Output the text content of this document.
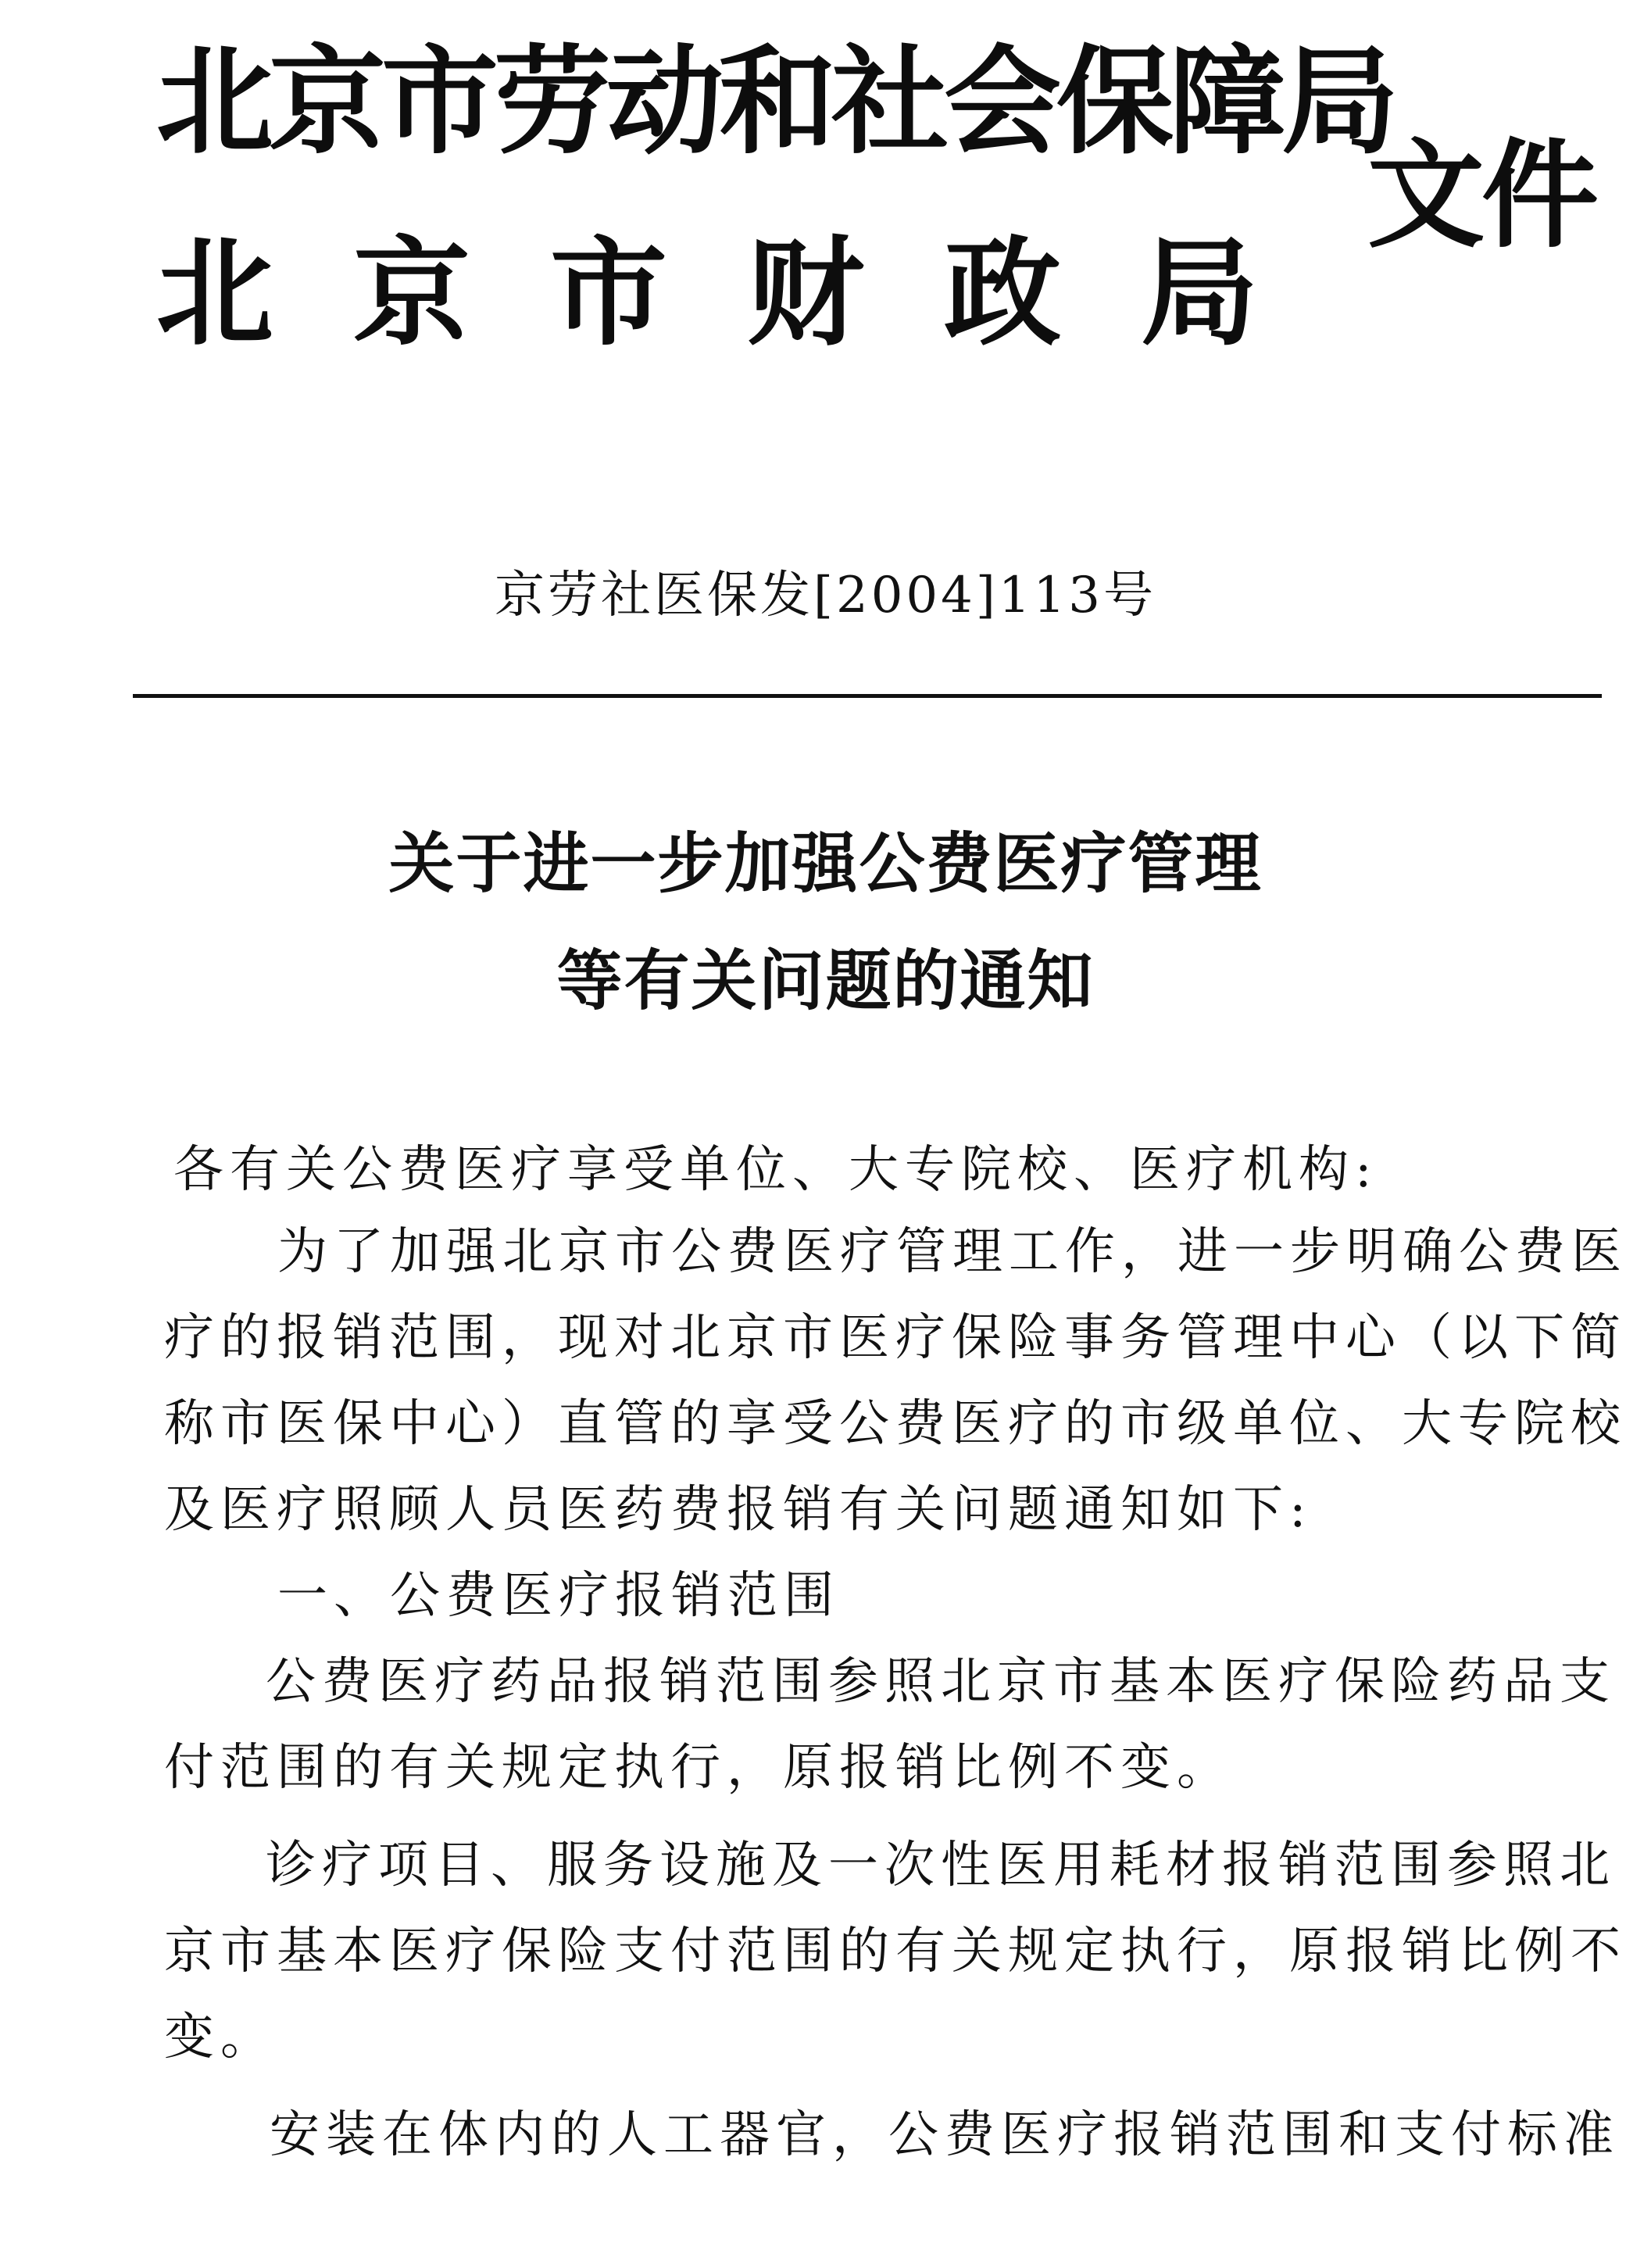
北京市劳动和社会保障局
北京市财政局
文件
京劳社医保发[2004]113号
关于进一步加强公费医疗管理
等有关问题的通知
各有关公费医疗享受单位、大专院校、医疗机构:
为了加强北京市公费医疗管理工作，进一步明确公费医
疗的报销范围，现对北京市医疗保险事务管理中心（以下简
称市医保中心）直管的享受公费医疗的市级单位、大专院校
及医疗照顾人员医药费报销有关问题通知如下:
一、公费医疗报销范围
公费医疗药品报销范围参照北京市基本医疗保险药品支
付范围的有关规定执行，原报销比例不变。
诊疗项目、服务设施及一次性医用耗材报销范围参照北
京市基本医疗保险支付范围的有关规定执行，原报销比例不
变。
安装在体内的人工器官，公费医疗报销范围和支付标准
